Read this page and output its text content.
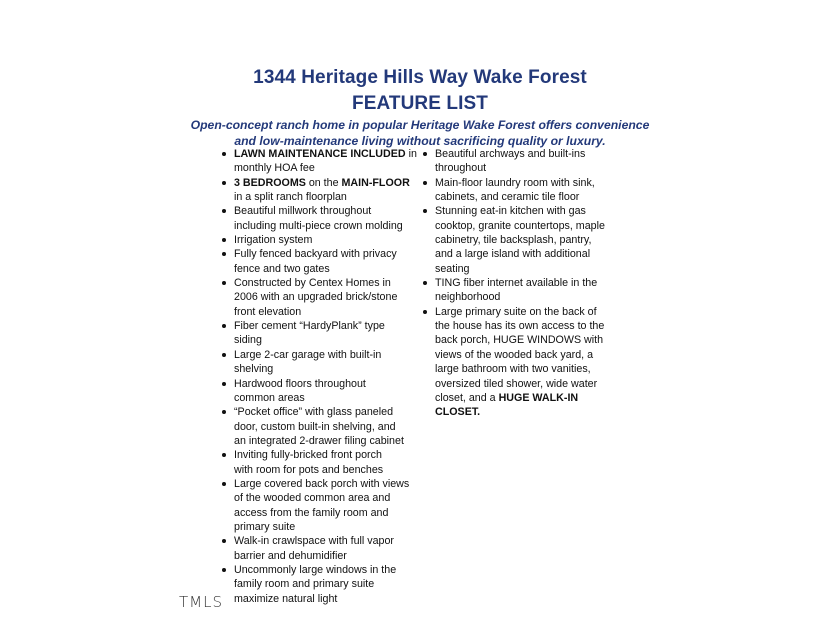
1344 Heritage Hills Way Wake Forest
FEATURE LIST
Open-concept ranch home in popular Heritage Wake Forest offers convenience
and low-maintenance living without sacrificing quality or luxury.
LAWN MAINTENANCE INCLUDED in
monthly HOA fee
3 BEDROOMS on the MAIN-FLOOR
in a split ranch floorplan
Beautiful millwork throughout
including multi-piece crown molding
Irrigation system
Fully fenced backyard with privacy
fence and two gates
Constructed by Centex Homes in
2006 with an upgraded brick/stone
front elevation
Fiber cement “HardyPlank” type
siding
Large 2-car garage with built-in
shelving
Hardwood floors throughout
common areas
“Pocket office” with glass paneled
door, custom built-in shelving, and
an integrated 2-drawer filing cabinet
Inviting fully-bricked front porch
with room for pots and benches
Large covered back porch with views
of the wooded common area and
access from the family room and
primary suite
Walk-in crawlspace with full vapor
barrier and dehumidifier
Uncommonly large windows in the
family room and primary suite
maximize natural light
Beautiful archways and built-ins
throughout
Main-floor laundry room with sink,
cabinets, and ceramic tile floor
Stunning eat-in kitchen with gas
cooktop, granite countertops, maple
cabinetry, tile backsplash, pantry,
and a large island with additional
seating
TING fiber internet available in the
neighborhood
Large primary suite on the back of
the house has its own access to the
back porch, HUGE WINDOWS with
views of the wooded back yard, a
large bathroom with two vanities,
oversized tiled shower, wide water
closet, and a HUGE WALK-IN
CLOSET.
TMLS
